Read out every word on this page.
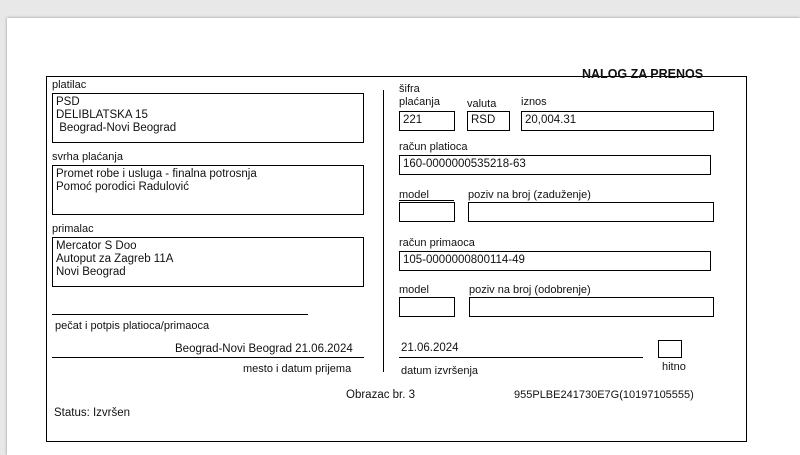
NALOG ZA PRENOS
platilac
PSD
DELIBLATSKA 15
Beograd-Novi Beograd
svrha plaćanja
Promet robe i usluga - finalna potrosnja
Pomoć porodici Radulović
primalac
Mercator S Doo
Autoput za Zagreb 11A
Novi Beograd
pečat i potpis platioca/primaoca
Beograd-Novi Beograd 21.06.2024
mesto i datum prijema
šifra
plaćanja valuta iznos
221	RSD	20,004.31
račun platioca
160-0000000535218-63
model	poziv na broj (zaduženje)
račun primaoca
105-0000000800114-49
model	poziv na broj (odobrenje)
21.06.2024
datum izvršenja	hitno
Obrazac br. 3	955PLBE241730E7G(10197105555)
Status: Izvršen
